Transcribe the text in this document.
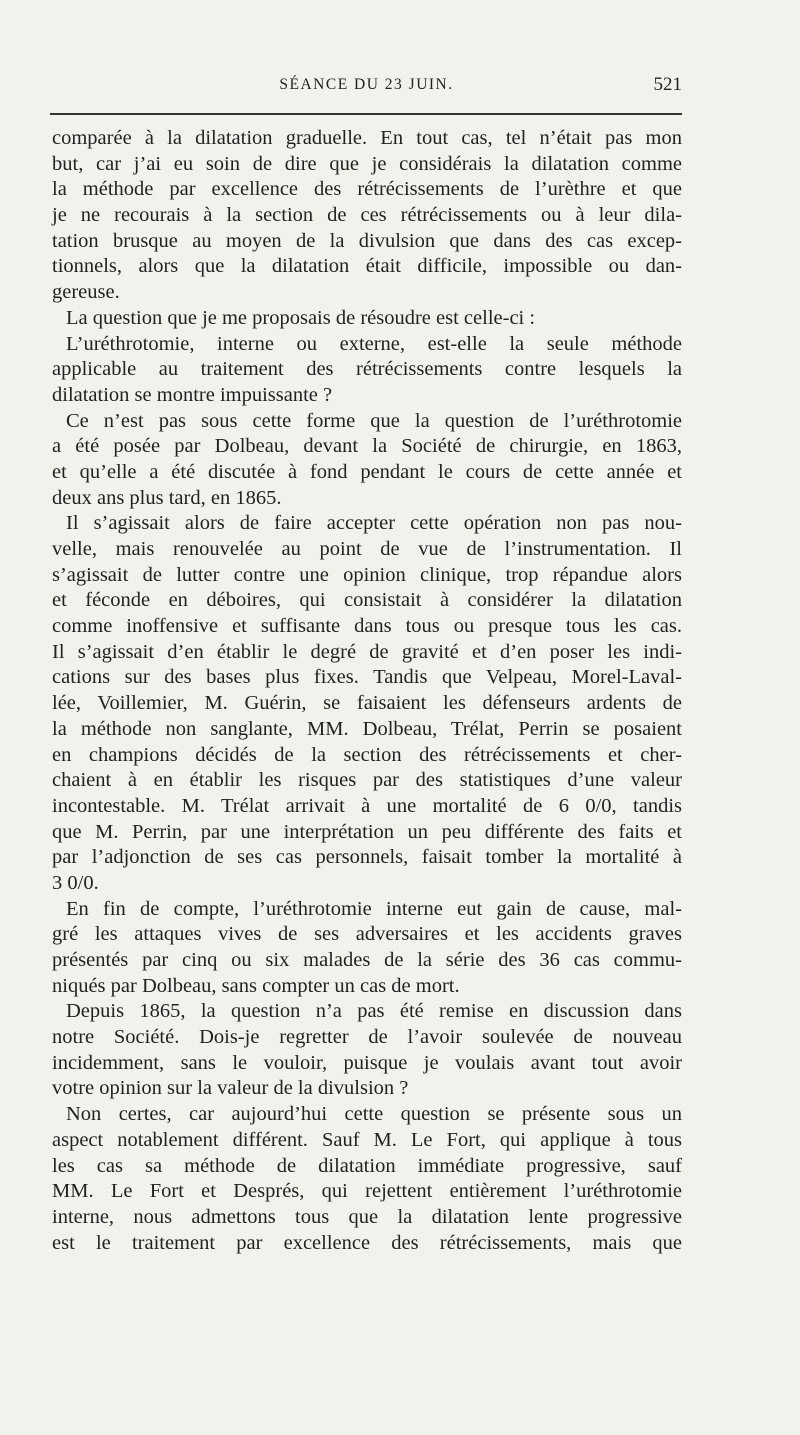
SÉANCE DU 23 JUIN.	521
comparée à la dilatation graduelle. En tout cas, tel n’était pas mon
but, car j’ai eu soin de dire que je considérais la dilatation comme
la méthode par excellence des rétrécissements de l’urèthre et que
je ne recourais à la section de ces rétrécissements ou à leur dila-
tation brusque au moyen de la divulsion que dans des cas excep-
tionnels, alors que la dilatation était difficile, impossible ou dan-
gereuse.
La question que je me proposais de résoudre est celle-ci :
L’uréthrotomie, interne ou externe, est-elle la seule méthode
applicable au traitement des rétrécissements contre lesquels la
dilatation se montre impuissante ?
Ce n’est pas sous cette forme que la question de l’uréthrotomie
a été posée par Dolbeau, devant la Société de chirurgie, en 1863,
et qu’elle a été discutée à fond pendant le cours de cette année et
deux ans plus tard, en 1865.
Il s’agissait alors de faire accepter cette opération non pas nou-
velle, mais renouvelée au point de vue de l’instrumentation. Il
s’agissait de lutter contre une opinion clinique, trop répandue alors
et féconde en déboires, qui consistait à considérer la dilatation
comme inoffensive et suffisante dans tous ou presque tous les cas.
Il s’agissait d’en établir le degré de gravité et d’en poser les indi-
cations sur des bases plus fixes. Tandis que Velpeau, Morel-Laval-
lée, Voillemier, M. Guérin, se faisaient les défenseurs ardents de
la méthode non sanglante, MM. Dolbeau, Trélat, Perrin se posaient
en champions décidés de la section des rétrécissements et cher-
chaient à en établir les risques par des statistiques d’une valeur
incontestable. M. Trélat arrivait à une mortalité de 6 0/0, tandis
que M. Perrin, par une interprétation un peu différente des faits et
par l’adjonction de ses cas personnels, faisait tomber la mortalité à
3 0/0.
En fin de compte, l’uréthrotomie interne eut gain de cause, mal-
gré les attaques vives de ses adversaires et les accidents graves
présentés par cinq ou six malades de la série des 36 cas commu-
niqués par Dolbeau, sans compter un cas de mort.
Depuis 1865, la question n’a pas été remise en discussion dans
notre Société. Dois-je regretter de l’avoir soulevée de nouveau
incidemment, sans le vouloir, puisque je voulais avant tout avoir
votre opinion sur la valeur de la divulsion ?
Non certes, car aujourd’hui cette question se présente sous un
aspect notablement différent. Sauf M. Le Fort, qui applique à tous
les cas sa méthode de dilatation immédiate progressive, sauf
MM. Le Fort et Després, qui rejettent entièrement l’uréthrotomie
interne, nous admettons tous que la dilatation lente progressive
est le traitement par excellence des rétrécissements, mais que
